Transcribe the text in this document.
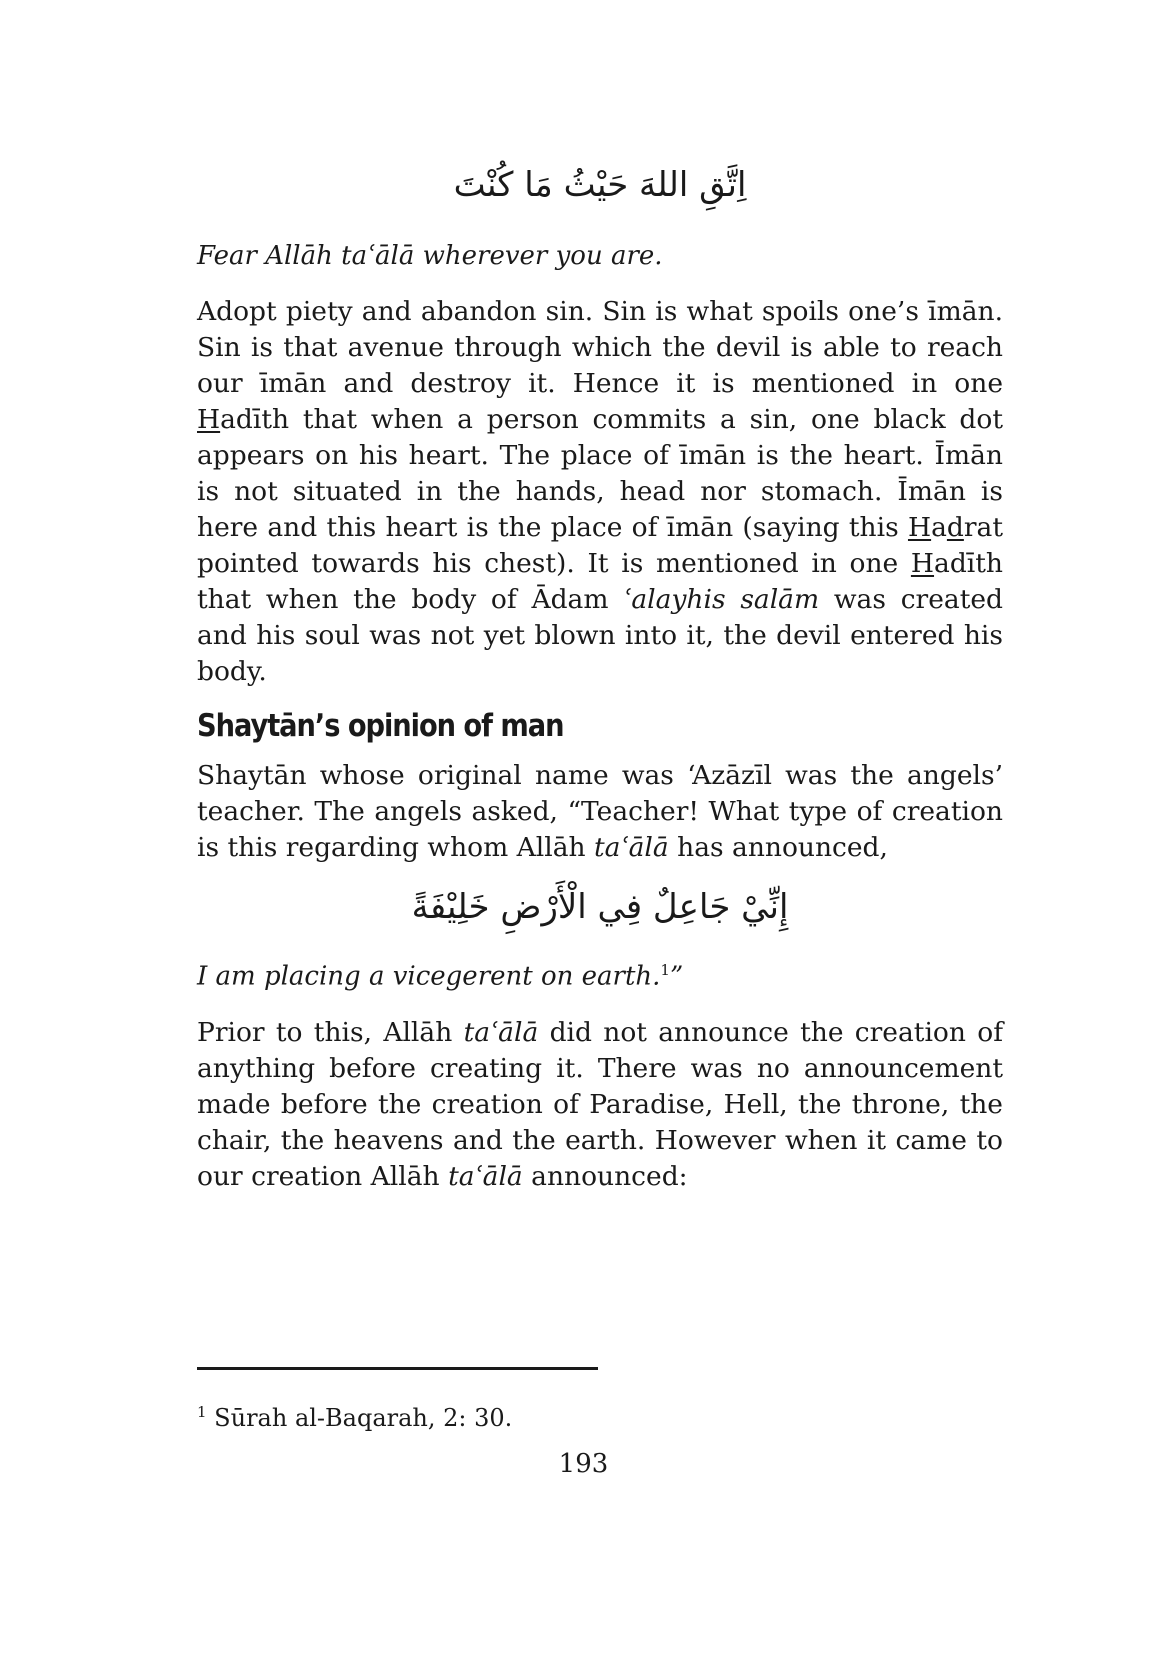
اِتَّقِ اللهَ حَيْثُ مَا كُنْتَ

Fear Allāh taʿālā wherever you are.

Adopt piety and abandon sin. Sin is what spoils one’s īmān. Sin is that avenue through which the devil is able to reach our īmān and destroy it. Hence it is mentioned in one Hadīth that when a person commits a sin, one black dot appears on his heart. The place of īmān is the heart. Īmān is not situated in the hands, head nor stomach. Īmān is here and this heart is the place of īmān (saying this Hadrat pointed towards his chest). It is mentioned in one Hadīth that when the body of Ādam ʿalayhis salām was created and his soul was not yet blown into it, the devil entered his body.

Shaytān’s opinion of man

Shaytān whose original name was ‘Azāzīl was the angels’ teacher. The angels asked, “Teacher! What type of creation is this regarding whom Allāh taʿālā has announced,

إِنِّيْ جَاعِلٌ فِي الْأَرْضِ خَلِيْفَةً

I am placing a vicegerent on earth.$^1$”

Prior to this, Allāh taʿālā did not announce the creation of anything before creating it. There was no announcement made before the creation of Paradise, Hell, the throne, the chair, the heavens and the earth. However when it came to our creation Allāh taʿālā announced:

$^1$ Sūrah al-Baqarah, 2: 30.

193
